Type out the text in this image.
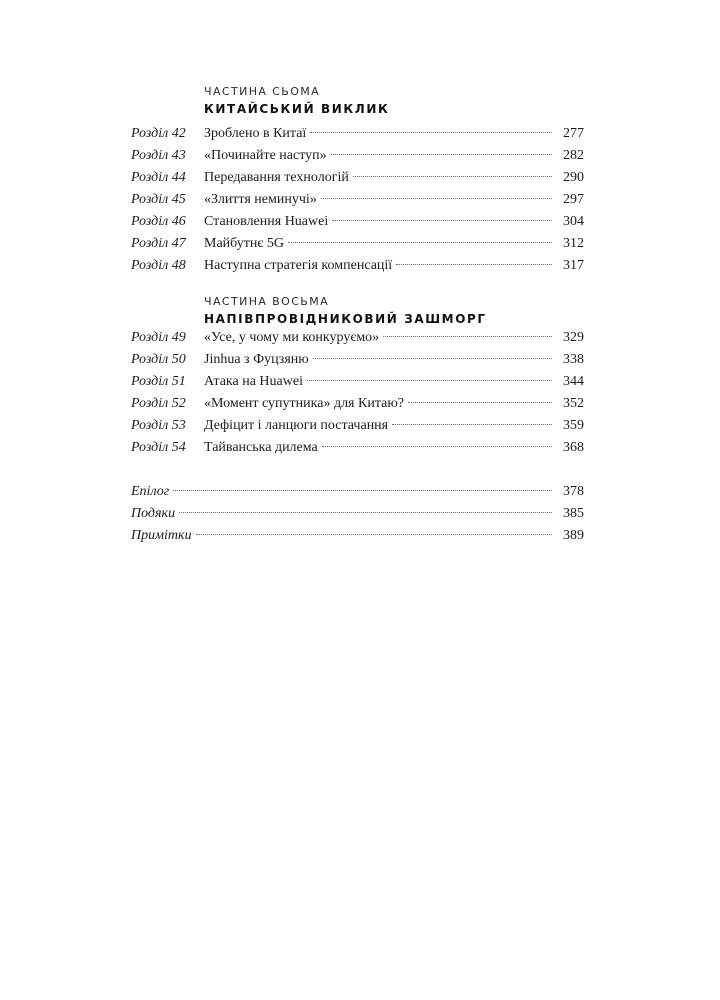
ЧАСТИНА СЬОМА
КИТАЙСЬКИЙ ВИКЛИК
Розділ 42	Зроблено в Китаї	277
Розділ 43	«Починайте наступ»	282
Розділ 44	Передавання технологій	290
Розділ 45	«Злиття неминучі»	297
Розділ 46	Становлення Huawei	304
Розділ 47	Майбутнє 5G	312
Розділ 48	Наступна стратегія компенсації	317
ЧАСТИНА ВОСЬМА
НАПІВПРОВІДНИКОВИЙ ЗАШМОРГ
Розділ 49	«Усе, у чому ми конкуруємо»	329
Розділ 50	Jinhua з Фуцзяню	338
Розділ 51	Атака на Huawei	344
Розділ 52	«Момент супутника» для Китаю?	352
Розділ 53	Дефіцит і ланцюги постачання	359
Розділ 54	Тайванська дилема	368
Епілог	378
Подяки	385
Примітки	389
